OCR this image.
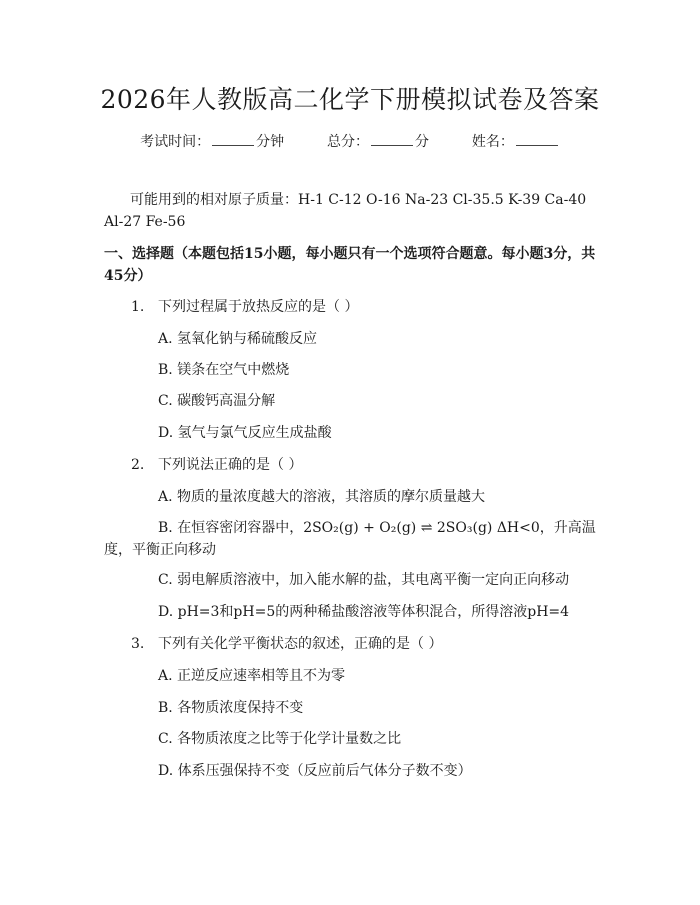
2026年人教版高二化学下册模拟试卷及答案
考试时间：	分钟	总分：	分	姓名：
可能用到的相对原子质量：H-1 C-12 O-16 Na-23 Cl-35.5 K-39 Ca-40 Al-27 Fe-56
一、选择题（本题包括15小题，每小题只有一个选项符合题意。每小题3分，共45分）
1. 下列过程属于放热反应的是（ ）
A. 氢氧化钠与稀硫酸反应
B. 镁条在空气中燃烧
C. 碳酸钙高温分解
D. 氢气与氯气反应生成盐酸
2. 下列说法正确的是（ ）
A. 物质的量浓度越大的溶液，其溶质的摩尔质量越大
B. 在恒容密闭容器中，2SO₂(g) + O₂(g) ⇌ 2SO₃(g) ΔH<0，升高温度，平衡正向移动
C. 弱电解质溶液中，加入能水解的盐，其电离平衡一定向正向移动
D. pH=3和pH=5的两种稀盐酸溶液等体积混合，所得溶液pH=4
3. 下列有关化学平衡状态的叙述，正确的是（ ）
A. 正逆反应速率相等且不为零
B. 各物质浓度保持不变
C. 各物质浓度之比等于化学计量数之比
D. 体系压强保持不变（反应前后气体分子数不变）
